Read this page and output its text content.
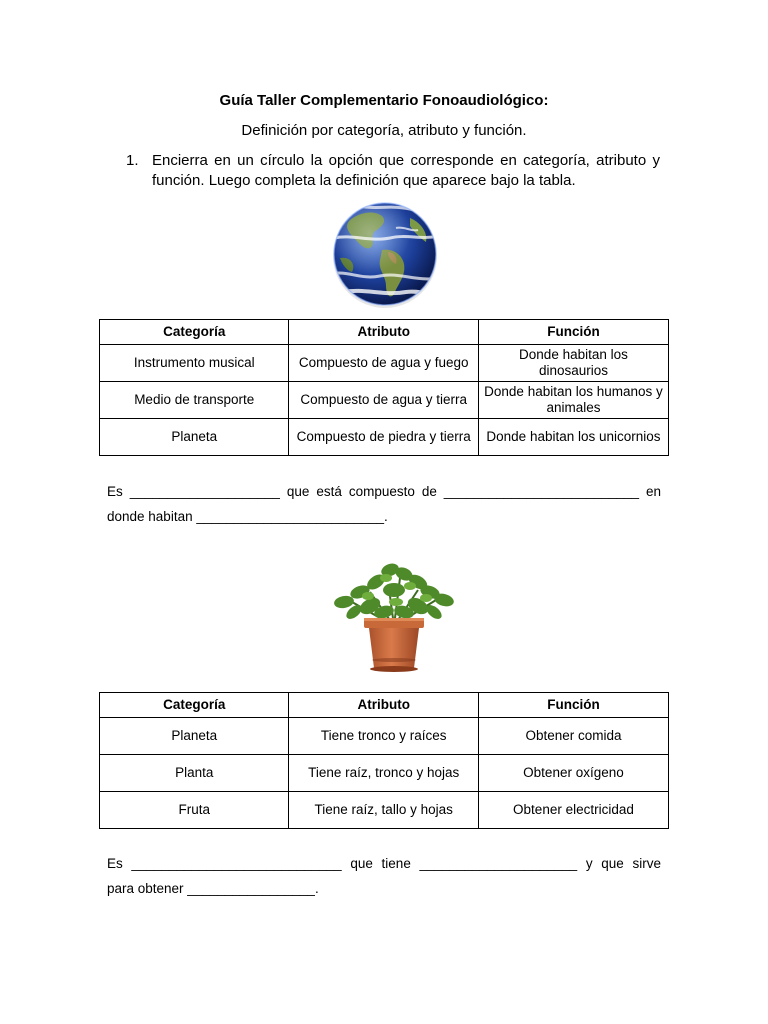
Guía Taller Complementario Fonoaudiológico:
Definición por categoría, atributo y función.
1. Encierra en un círculo la opción que corresponde en categoría, atributo y función. Luego completa la definición que aparece bajo la tabla.
Categoría	Atributo	Función
Instrumento musical	Compuesto de agua y fuego	Donde habitan los dinosaurios
Medio de transporte	Compuesto de agua y tierra	Donde habitan los humanos y animales
Planeta	Compuesto de piedra y tierra	Donde habitan los unicornios
Es ____________________ que está compuesto de __________________________ en
donde habitan _________________________.
Categoría	Atributo	Función
Planeta	Tiene tronco y raíces	Obtener comida
Planta	Tiene raíz, tronco y hojas	Obtener oxígeno
Fruta	Tiene raíz, tallo y hojas	Obtener electricidad
Es ____________________________ que tiene _____________________ y que sirve
para obtener _________________.
